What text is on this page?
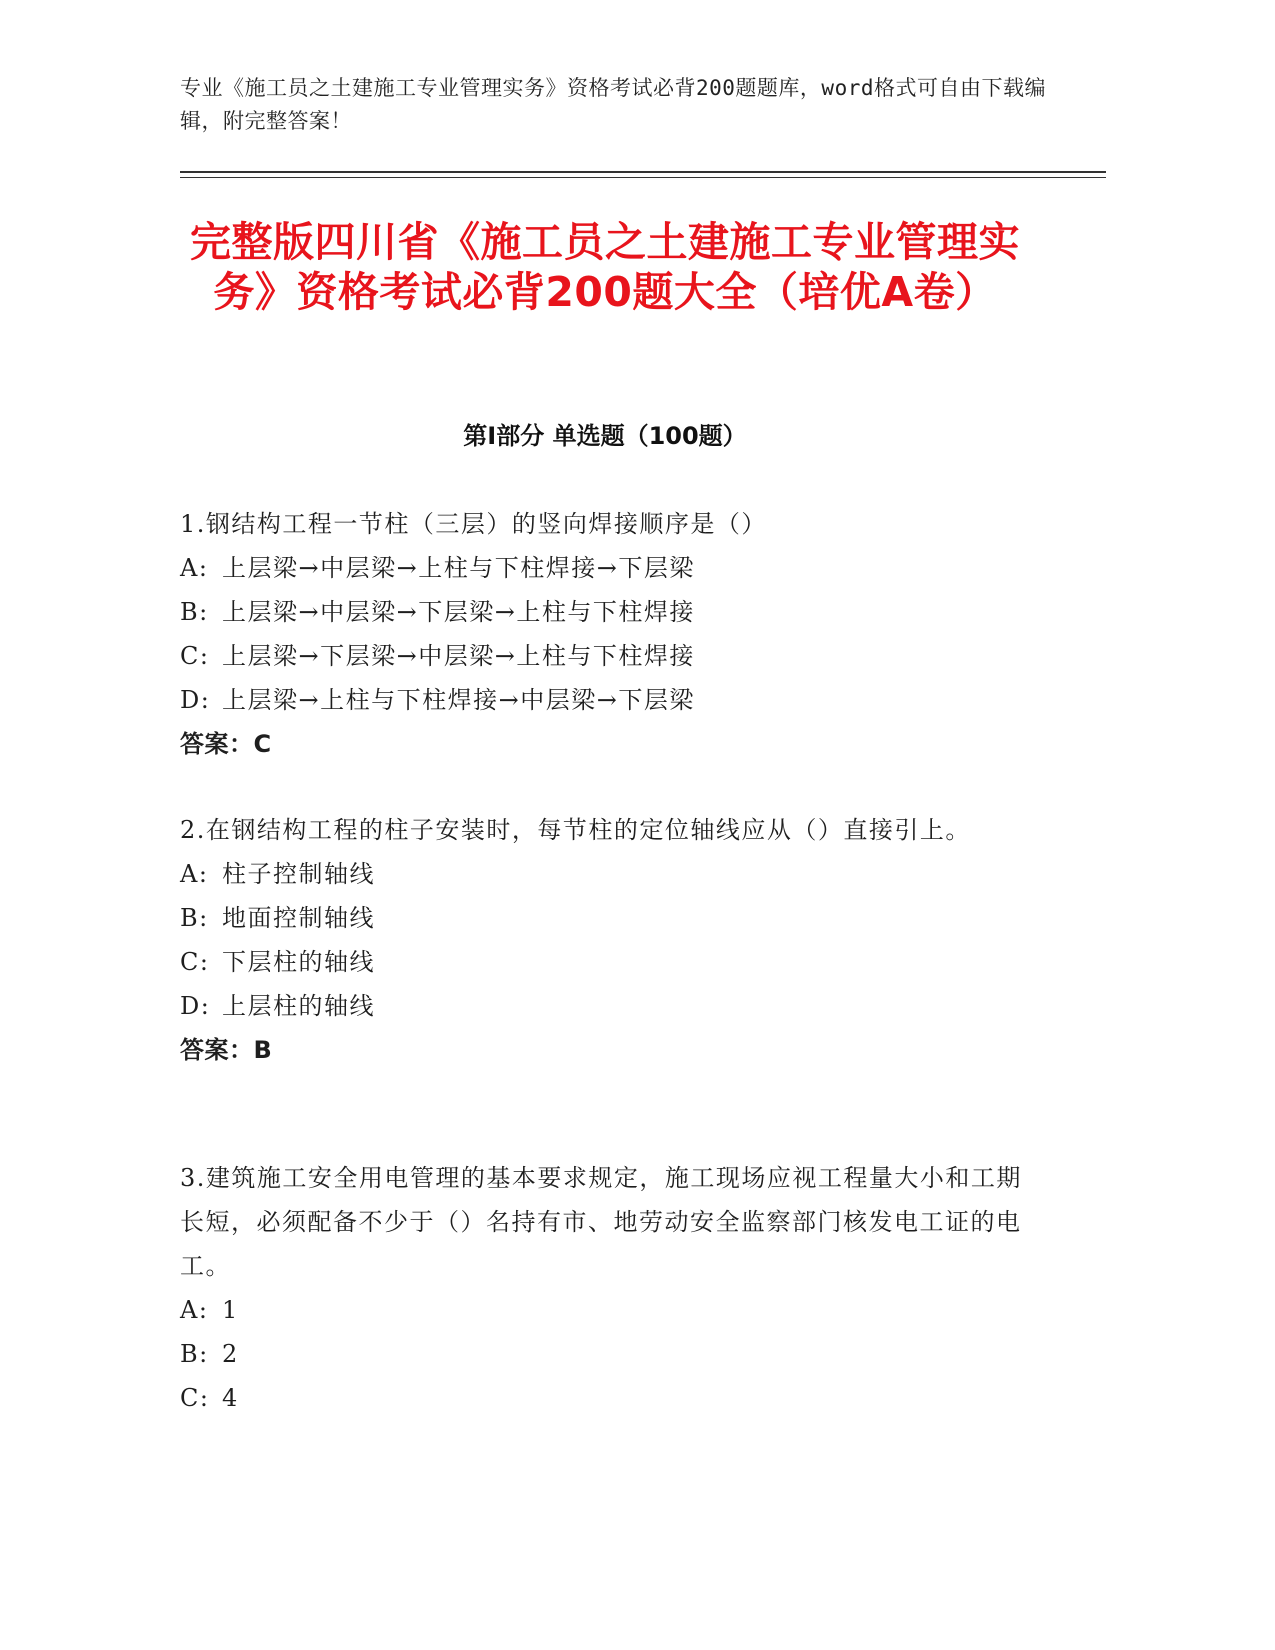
专业《施工员之土建施工专业管理实务》资格考试必背200题题库，word格式可自由下载编辑，附完整答案！
完整版四川省《施工员之土建施工专业管理实务》资格考试必背200题大全（培优A卷）
第I部分 单选题（100题）
1.钢结构工程一节柱（三层）的竖向焊接顺序是（）
A: 上层梁→中层梁→上柱与下柱焊接→下层梁
B: 上层梁→中层梁→下层梁→上柱与下柱焊接
C: 上层梁→下层梁→中层梁→上柱与下柱焊接
D: 上层梁→上柱与下柱焊接→中层梁→下层梁
答案：C
2.在钢结构工程的柱子安装时，每节柱的定位轴线应从（）直接引上。
A: 柱子控制轴线
B: 地面控制轴线
C: 下层柱的轴线
D: 上层柱的轴线
答案：B
3.建筑施工安全用电管理的基本要求规定，施工现场应视工程量大小和工期长短，必须配备不少于（）名持有市、地劳动安全监察部门核发电工证的电工。
A: 1
B: 2
C: 4
